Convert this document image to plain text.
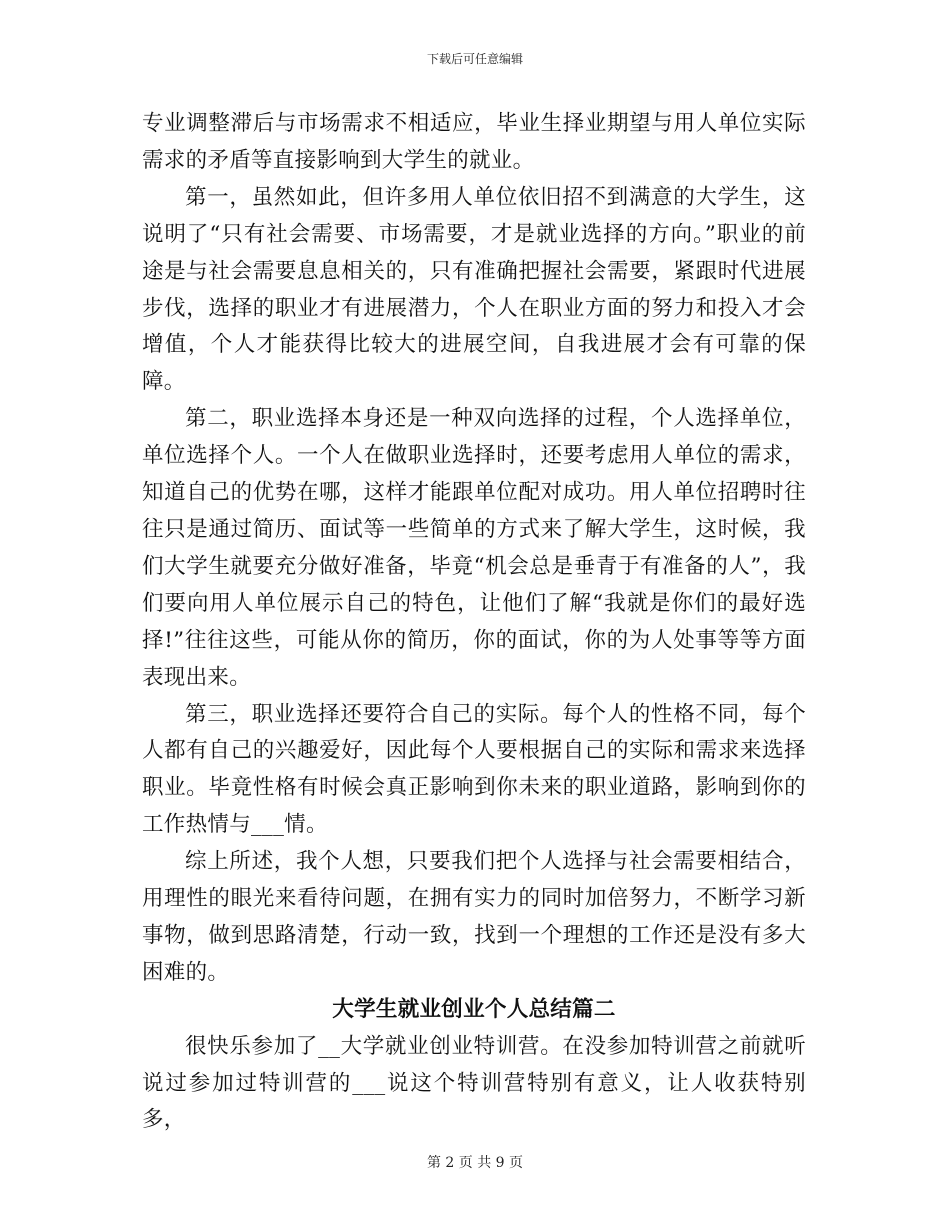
下载后可任意编辑

专业调整滞后与市场需求不相适应，毕业生择业期望与用人单位实际需求的矛盾等直接影响到大学生的就业。

第一，虽然如此，但许多用人单位依旧招不到满意的大学生，这说明了“只有社会需要、市场需要，才是就业选择的方向。”职业的前途是与社会需要息息相关的，只有准确把握社会需要，紧跟时代进展步伐，选择的职业才有进展潜力，个人在职业方面的努力和投入才会增值，个人才能获得比较大的进展空间，自我进展才会有可靠的保障。

第二，职业选择本身还是一种双向选择的过程，个人选择单位，单位选择个人。一个人在做职业选择时，还要考虑用人单位的需求，知道自己的优势在哪，这样才能跟单位配对成功。用人单位招聘时往往只是通过简历、面试等一些简单的方式来了解大学生，这时候，我们大学生就要充分做好准备，毕竟“机会总是垂青于有准备的人”，我们要向用人单位展示自己的特色，让他们了解“我就是你们的最好选择!”往往这些，可能从你的简历，你的面试，你的为人处事等等方面表现出来。

第三，职业选择还要符合自己的实际。每个人的性格不同，每个人都有自己的兴趣爱好，因此每个人要根据自己的实际和需求来选择职业。毕竟性格有时候会真正影响到你未来的职业道路，影响到你的工作热情与___情。

综上所述，我个人想，只要我们把个人选择与社会需要相结合，用理性的眼光来看待问题，在拥有实力的同时加倍努力，不断学习新事物，做到思路清楚，行动一致，找到一个理想的工作还是没有多大困难的。

大学生就业创业个人总结篇二

很快乐参加了__大学就业创业特训营。在没参加特训营之前就听说过参加过特训营的___说这个特训营特别有意义，让人收获特别多，

第 2 页 共 9 页
